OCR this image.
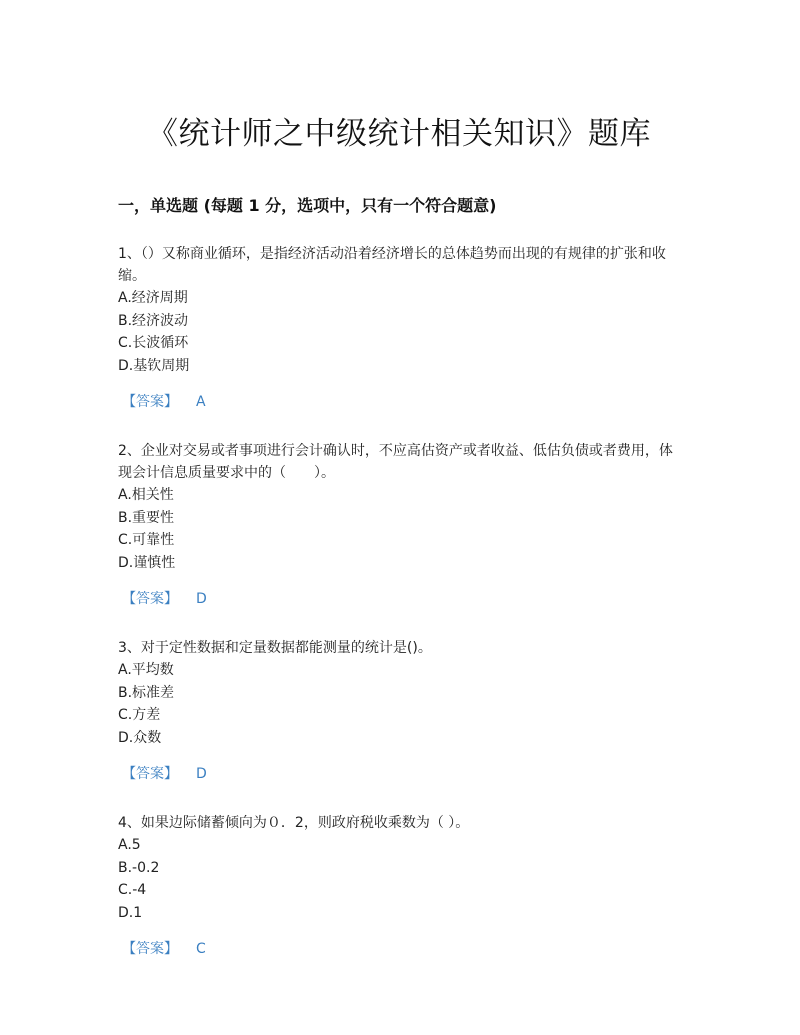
《统计师之中级统计相关知识》题库
一，单选题 (每题 1 分，选项中，只有一个符合题意)

1、（）又称商业循环，是指经济活动沿着经济增长的总体趋势而出现的有规律的扩张和收缩。

A.经济周期
B.经济波动
C.长波循环
D.基钦周期
【答案】 A

2、企业对交易或者事项进行会计确认时，不应高估资产或者收益、低估负债或者费用，体现会计信息质量要求中的（　　）。

A.相关性
B.重要性
C.可靠性
D.谨慎性
【答案】 D

3、对于定性数据和定量数据都能测量的统计是()。

A.平均数
B.标准差
C.方差
D.众数
【答案】 D

4、如果边际储蓄倾向为０．2，则政府税收乘数为（ ）。

A.5
B.-0.2
C.-4
D.1
【答案】 C
